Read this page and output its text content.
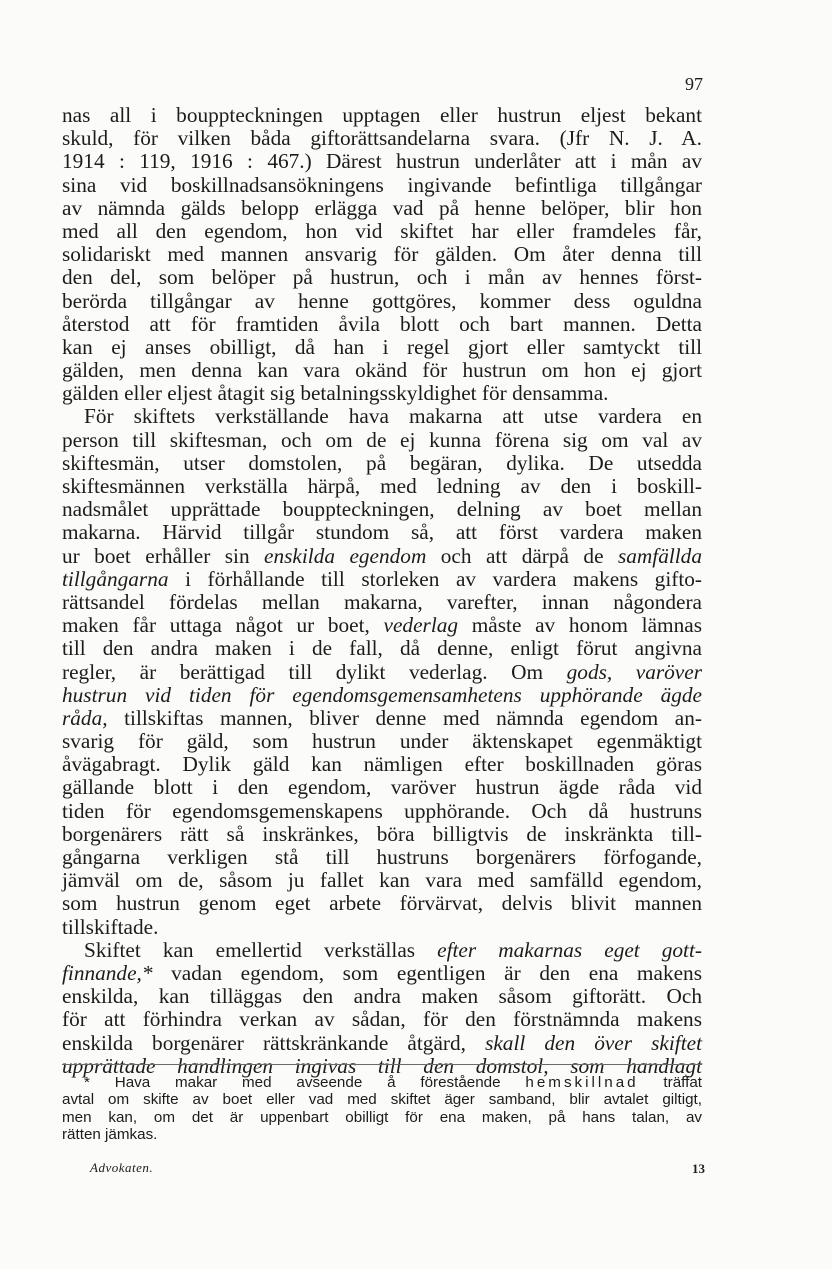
97
nas all i bouppteckningen upptagen eller hustrun eljest bekant
skuld, för vilken båda giftorättsandelarna svara. (Jfr N. J. A.
1914 : 119, 1916 : 467.) Därest hustrun underlåter att i mån av
sina vid boskillnadsansökningens ingivande befintliga tillgångar
av nämnda gälds belopp erlägga vad på henne belöper, blir hon
med all den egendom, hon vid skiftet har eller framdeles får,
solidariskt med mannen ansvarig för gälden. Om åter denna till
den del, som belöper på hustrun, och i mån av hennes först-
berörda tillgångar av henne gottgöres, kommer dess oguldna
återstod att för framtiden åvila blott och bart mannen. Detta
kan ej anses obilligt, då han i regel gjort eller samtyckt till
gälden, men denna kan vara okänd för hustrun om hon ej gjort
gälden eller eljest åtagit sig betalningsskyldighet för densamma.
För skiftets verkställande hava makarna att utse vardera en
person till skiftesman, och om de ej kunna förena sig om val av
skiftesmän, utser domstolen, på begäran, dylika. De utsedda
skiftesmännen verkställa härpå, med ledning av den i boskill-
nadsmålet upprättade bouppteckningen, delning av boet mellan
makarna. Härvid tillgår stundom så, att först vardera maken
ur boet erhåller sin enskilda egendom och att därpå de samfällda
tillgångarna i förhållande till storleken av vardera makens gifto-
rättsandel fördelas mellan makarna, varefter, innan någondera
maken får uttaga något ur boet, vederlag måste av honom lämnas
till den andra maken i de fall, då denne, enligt förut angivna
regler, är berättigad till dylikt vederlag. Om gods, varöver
hustrun vid tiden för egendomsgemensamhetens upphörande ägde
råda, tillskiftas mannen, bliver denne med nämnda egendom an-
svarig för gäld, som hustrun under äktenskapet egenmäktigt
åvägabragt. Dylik gäld kan nämligen efter boskillnaden göras
gällande blott i den egendom, varöver hustrun ägde råda vid
tiden för egendomsgemenskapens upphörande. Och då hustruns
borgenärers rätt så inskränkes, böra billigtvis de inskränkta till-
gångarna verkligen stå till hustruns borgenärers förfogande,
jämväl om de, såsom ju fallet kan vara med samfälld egendom,
som hustrun genom eget arbete förvärvat, delvis blivit mannen
tillskiftade.
Skiftet kan emellertid verkställas efter makarnas eget gott-
finnande,* vadan egendom, som egentligen är den ena makens
enskilda, kan tilläggas den andra maken såsom giftorätt. Och
för att förhindra verkan av sådan, för den förstnämnda makens
enskilda borgenärer rättskränkande åtgärd, skall den över skiftet
upprättade handlingen ingivas till den domstol, som handlagt
* Hava makar med avseende å förestående hemskillnad träffat
avtal om skifte av boet eller vad med skiftet äger samband, blir avtalet giltigt,
men kan, om det är uppenbart obilligt för ena maken, på hans talan, av
rätten jämkas.
Advokaten.	13
